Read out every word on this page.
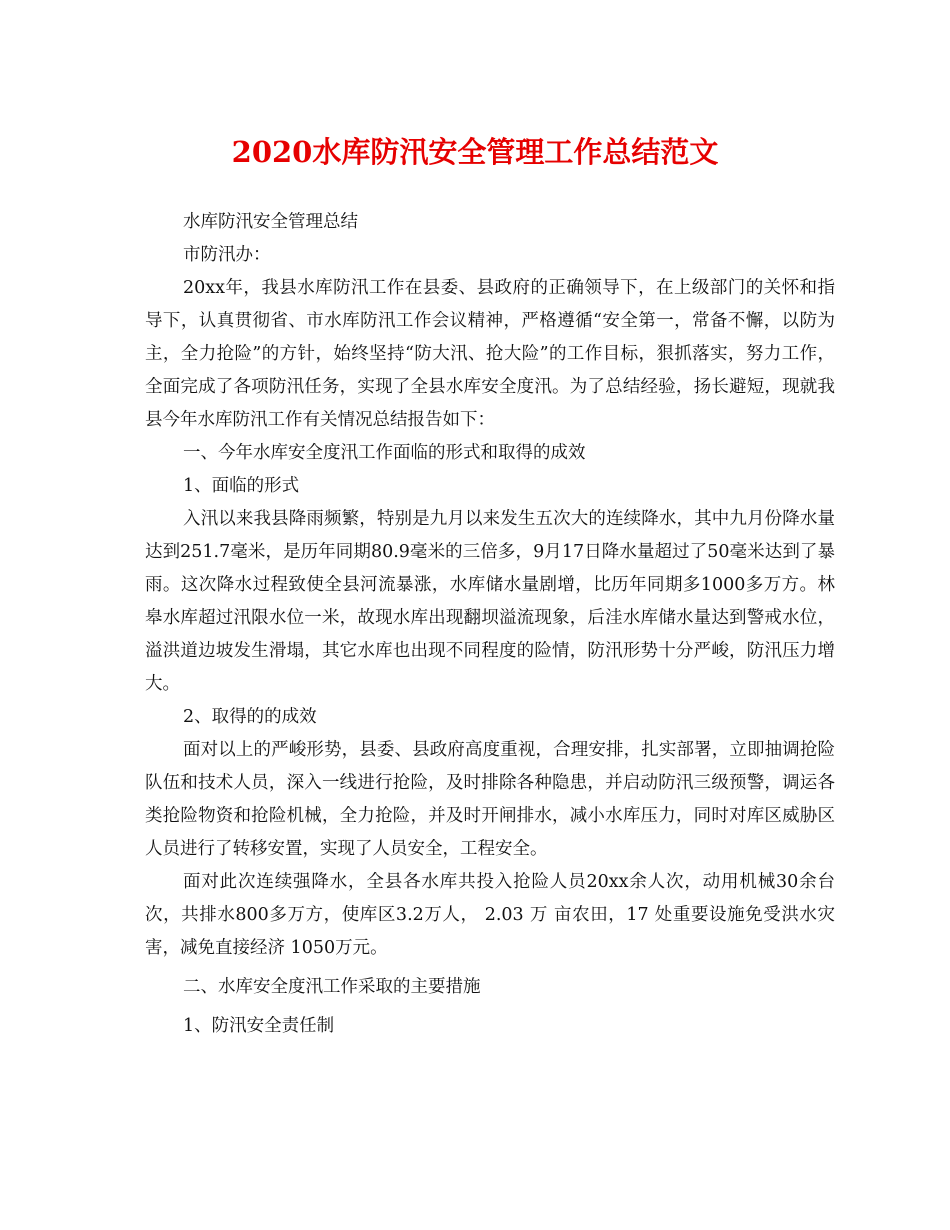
2020水库防汛安全管理工作总结范文

水库防汛安全管理总结

市防汛办：

20xx年，我县水库防汛工作在县委、县政府的正确领导下，在上级部门的关怀和指导下，认真贯彻省、市水库防汛工作会议精神，严格遵循“安全第一，常备不懈，以防为主，全力抢险”的方针，始终坚持“防大汛、抢大险”的工作目标，狠抓落实，努力工作，全面完成了各项防汛任务，实现了全县水库安全度汛。为了总结经验，扬长避短，现就我县今年水库防汛工作有关情况总结报告如下：

一、今年水库安全度汛工作面临的形式和取得的成效

1、面临的形式

入汛以来我县降雨频繁，特别是九月以来发生五次大的连续降水，其中九月份降水量达到251.7毫米，是历年同期80.9毫米的三倍多，9月17日降水量超过了50毫米达到了暴雨。这次降水过程致使全县河流暴涨，水库储水量剧增，比历年同期多1000多万方。林皋水库超过汛限水位一米，故现水库出现翻坝溢流现象，后洼水库储水量达到警戒水位，溢洪道边坡发生滑塌，其它水库也出现不同程度的险情，防汛形势十分严峻，防汛压力增大。

2、取得的的成效

面对以上的严峻形势，县委、县政府高度重视，合理安排，扎实部署，立即抽调抢险队伍和技术人员，深入一线进行抢险，及时排除各种隐患，并启动防汛三级预警，调运各类抢险物资和抢险机械，全力抢险，并及时开闸排水，减小水库压力，同时对库区威胁区人员进行了转移安置，实现了人员安全，工程安全。

面对此次连续强降水，全县各水库共投入抢险人员20xx余人次，动用机械30余台次，共排水800多万方，使库区3.2万人， 2.03 万 亩农田，17 处重要设施免受洪水灾害，减免直接经济 1050万元。

二、水库安全度汛工作采取的主要措施

1、防汛安全责任制
